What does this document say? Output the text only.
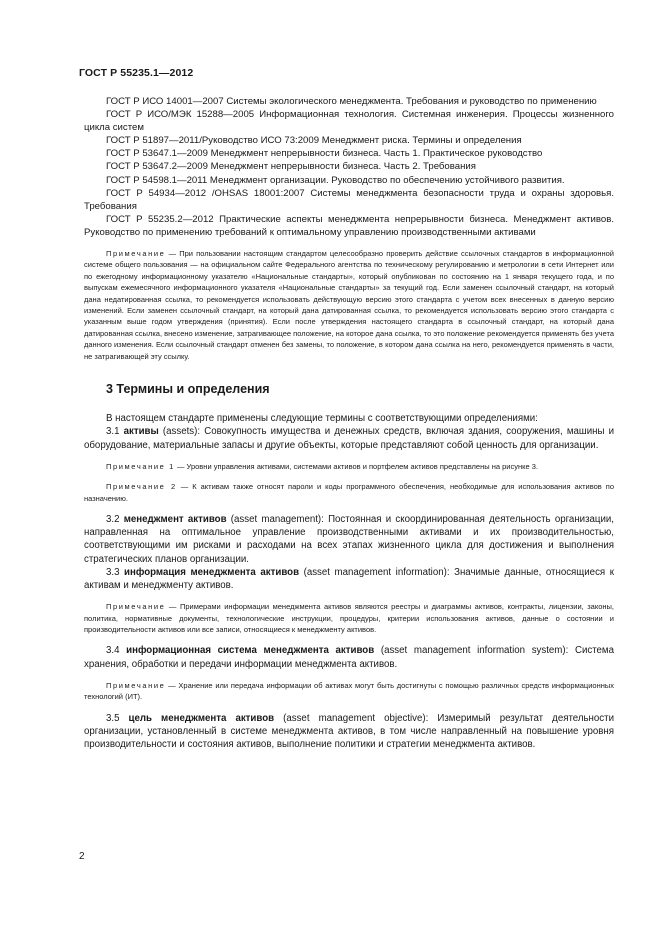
ГОСТ Р 55235.1—2012

ГОСТ Р ИСО 14001—2007 Системы экологического менеджмента. Требования и руководство по применению

ГОСТ Р ИСО/МЭК 15288—2005 Информационная технология. Системная инженерия. Процессы жизненного цикла систем

ГОСТ Р 51897—2011/Руководство ИСО 73:2009 Менеджмент риска. Термины и определения

ГОСТ Р 53647.1—2009 Менеджмент непрерывности бизнеса. Часть 1. Практическое руководство

ГОСТ Р 53647.2—2009 Менеджмент непрерывности бизнеса. Часть 2. Требования

ГОСТ Р 54598.1—2011 Менеджмент организации. Руководство по обеспечению устойчивого развития.

ГОСТ Р 54934—2012 /OHSAS 18001:2007 Системы менеджмента безопасности труда и охраны здоровья. Требования

ГОСТ Р 55235.2—2012 Практические аспекты менеджмента непрерывности бизнеса. Менеджмент активов. Руководство по применению требований к оптимальному управлению производственными активами

Примечание — При пользовании настоящим стандартом целесообразно проверить действие ссылочных стандартов в информационной системе общего пользования — на официальном сайте Федерального агентства по техническому регулированию и метрологии в сети Интернет или по ежегодному информационному указателю «Национальные стандарты», который опубликован по состоянию на 1 января текущего года, и по выпускам ежемесячного информационного указателя «Национальные стандарты» за текущий год. Если заменен ссылочный стандарт, на который дана недатированная ссылка, то рекомендуется использовать действующую версию этого стандарта с учетом всех внесенных в данную версию изменений. Если заменен ссылочный стандарт, на который дана датированная ссылка, то рекомендуется использовать версию этого стандарта с указанным выше годом утверждения (принятия). Если после утверждения настоящего стандарта в ссылочный стандарт, на который дана датированная ссылка, внесено изменение, затрагивающее положение, на которое дана ссылка, то это положение рекомендуется применять без учета данного изменения. Если ссылочный стандарт отменен без замены, то положение, в котором дана ссылка на него, рекомендуется применять в части, не затрагивающей эту ссылку.

3 Термины и определения

В настоящем стандарте применены следующие термины с соответствующими определениями:

3.1 активы (assets): Совокупность имущества и денежных средств, включая здания, сооружения, машины и оборудование, материальные запасы и другие объекты, которые представляют собой ценность для организации.

Примечание 1 — Уровни управления активами, системами активов и портфелем активов представлены на рисунке 3.

Примечание 2 — К активам также относят пароли и коды программного обеспечения, необходимые для использования активов по назначению.

3.2 менеджмент активов (asset management): Постоянная и скоординированная деятельность организации, направленная на оптимальное управление производственными активами и их производительностью, соответствующими им рисками и расходами на всех этапах жизненного цикла для достижения и выполнения стратегических планов организации.

3.3 информация менеджмента активов (asset management information): Значимые данные, относящиеся к активам и менеджменту активов.

Примечание — Примерами информации менеджмента активов являются реестры и диаграммы активов, контракты, лицензии, законы, политика, нормативные документы, технологические инструкции, процедуры, критерии использования активов, данные о состоянии и производительности активов или все записи, относящиеся к менеджменту активов.

3.4 информационная система менеджмента активов (asset management information system): Система хранения, обработки и передачи информации менеджмента активов.

Примечание — Хранение или передача информации об активах могут быть достигнуты с помощью различных средств информационных технологий (ИТ).

3.5 цель менеджмента активов (asset management objective): Измеримый результат деятельности организации, установленный в системе менеджмента активов, в том числе направленный на повышение уровня производительности и состояния активов, выполнение политики и стратегии менеджмента активов.

2
